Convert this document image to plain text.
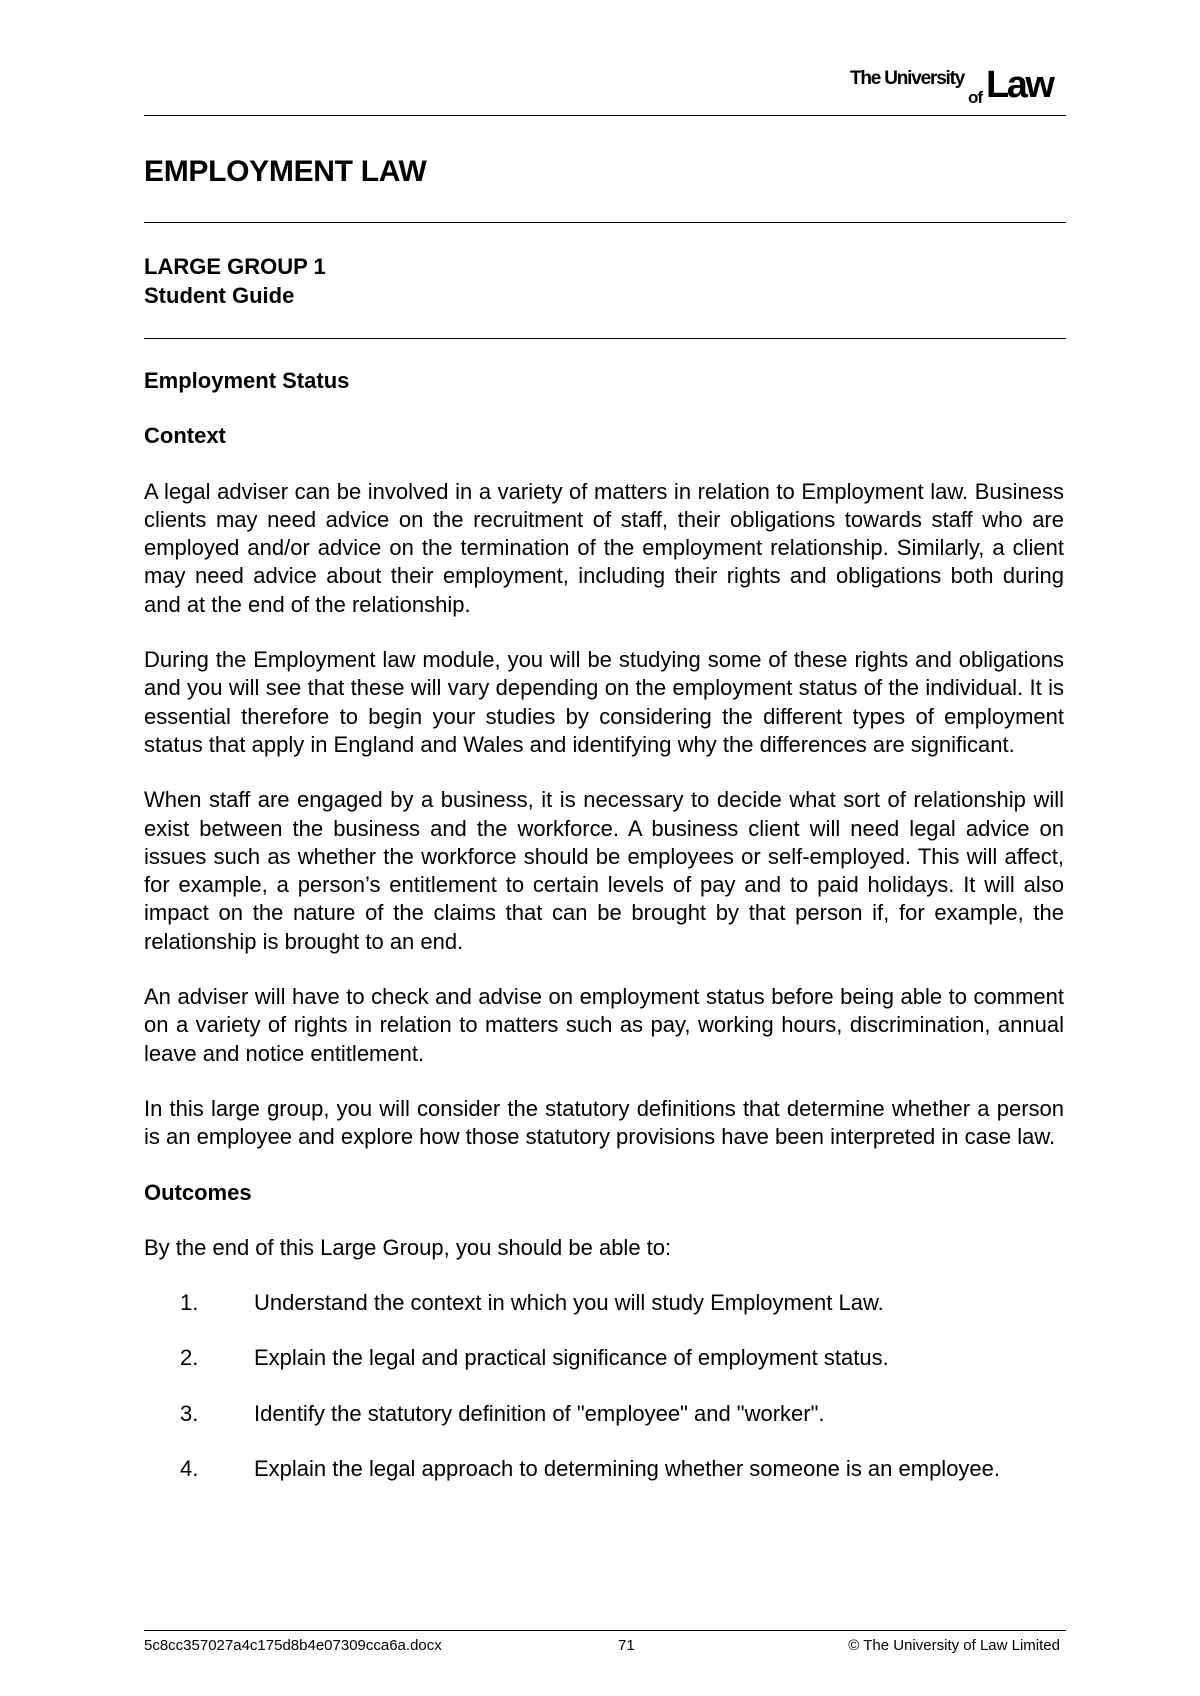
The University
of Law
EMPLOYMENT LAW
LARGE GROUP 1
Student Guide
Employment Status
Context

A legal adviser can be involved in a variety of matters in relation to Employment law. Business clients may need advice on the recruitment of staff, their obligations towards staff who are employed and/or advice on the termination of the employment relationship. Similarly, a client may need advice about their employment, including their rights and obligations both during and at the end of the relationship.

During the Employment law module, you will be studying some of these rights and obligations and you will see that these will vary depending on the employment status of the individual. It is essential therefore to begin your studies by considering the different types of employment status that apply in England and Wales and identifying why the differences are significant.

When staff are engaged by a business, it is necessary to decide what sort of relationship will exist between the business and the workforce. A business client will need legal advice on issues such as whether the workforce should be employees or self-employed. This will affect, for example, a person’s entitlement to certain levels of pay and to paid holidays. It will also impact on the nature of the claims that can be brought by that person if, for example, the relationship is brought to an end.

An adviser will have to check and advise on employment status before being able to comment on a variety of rights in relation to matters such as pay, working hours, discrimination, annual leave and notice entitlement.

In this large group, you will consider the statutory definitions that determine whether a person is an employee and explore how those statutory provisions have been interpreted in case law.

Outcomes

By the end of this Large Group, you should be able to:

1.	Understand the context in which you will study Employment Law.
2.	Explain the legal and practical significance of employment status.
3.	Identify the statutory definition of "employee" and "worker".
4.	Explain the legal approach to determining whether someone is an employee.
5c8cc357027a4c175d8b4e07309cca6a.docx	71	© The University of Law Limited
